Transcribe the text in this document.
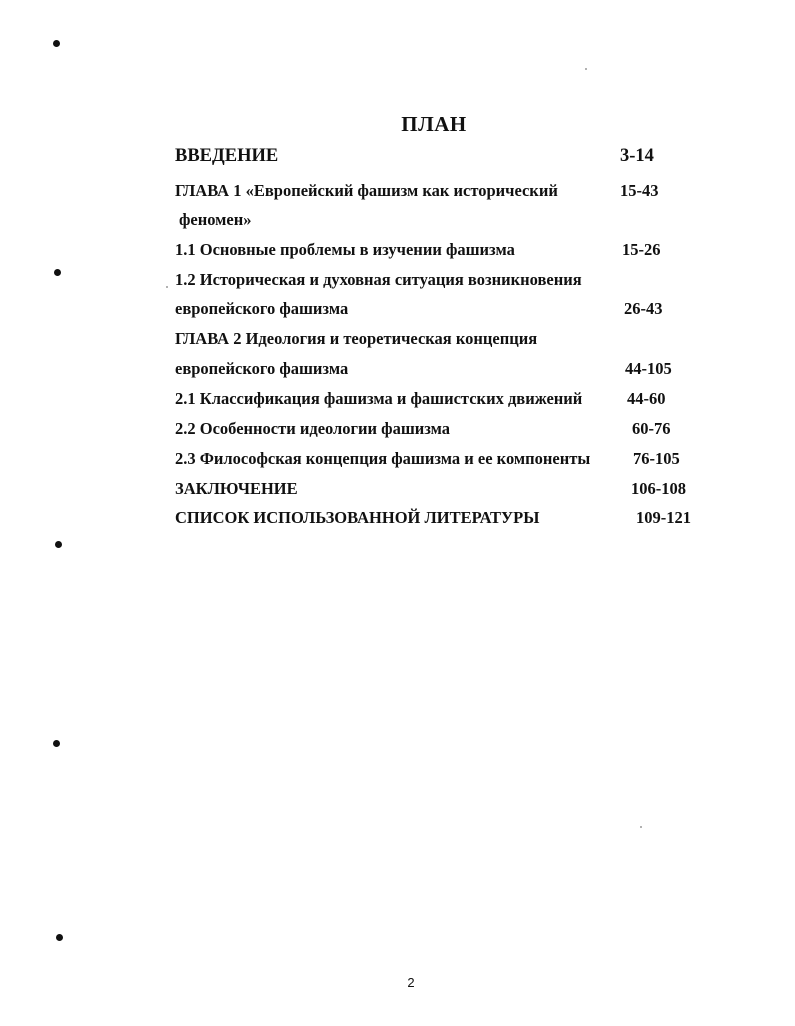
ПЛАН
ВВЕДЕНИЕ	3-14
ГЛАВА 1 «Европейский фашизм как исторический	15-43
феномен»
1.1 Основные проблемы в изучении фашизма	15-26
1.2 Историческая и духовная ситуация возникновения
европейского фашизма	26-43
ГЛАВА 2 Идеология и теоретическая концепция
европейского фашизма	44-105
2.1 Классификация фашизма и фашистских движений	44-60
2.2 Особенности идеологии фашизма	60-76
2.3 Философская концепция фашизма и ее компоненты	76-105
ЗАКЛЮЧЕНИЕ	106-108
СПИСОК ИСПОЛЬЗОВАННОЙ ЛИТЕРАТУРЫ	109-121
2
